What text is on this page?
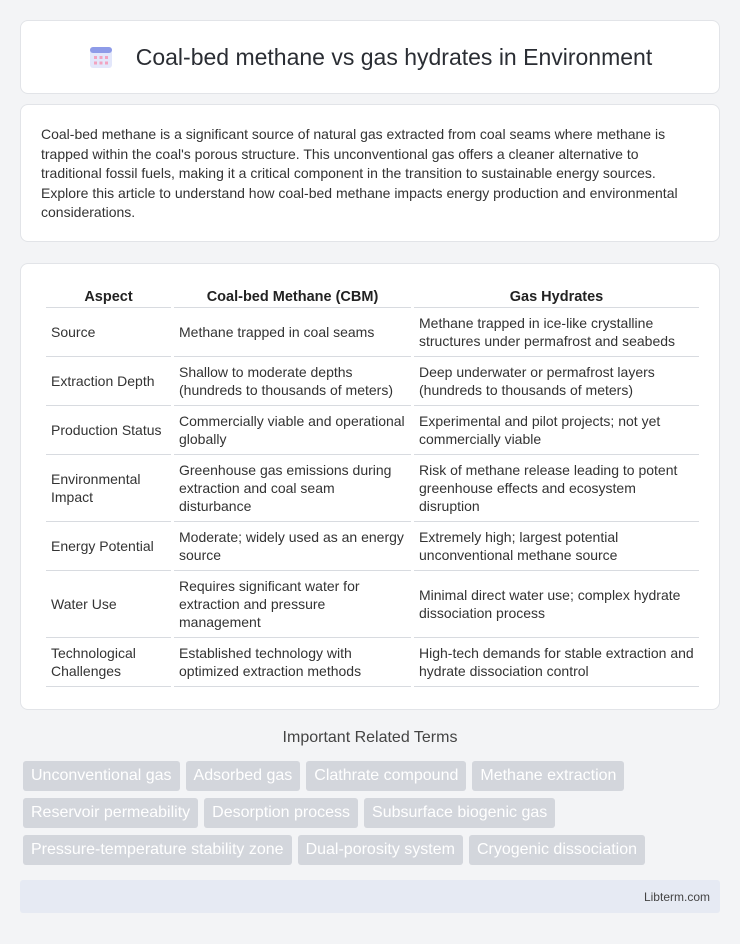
Coal-bed methane vs gas hydrates in Environment

Coal-bed methane is a significant source of natural gas extracted from coal seams where methane is trapped within the coal's porous structure. This unconventional gas offers a cleaner alternative to traditional fossil fuels, making it a critical component in the transition to sustainable energy sources. Explore this article to understand how coal-bed methane impacts energy production and environmental considerations.

Aspect	Coal-bed Methane (CBM)	Gas Hydrates
Source	Methane trapped in coal seams	Methane trapped in ice-like crystalline structures under permafrost and seabeds
Extraction Depth	Shallow to moderate depths (hundreds to thousands of meters)	Deep underwater or permafrost layers (hundreds to thousands of meters)
Production Status	Commercially viable and operational globally	Experimental and pilot projects; not yet commercially viable
Environmental Impact	Greenhouse gas emissions during extraction and coal seam disturbance	Risk of methane release leading to potent greenhouse effects and ecosystem disruption
Energy Potential	Moderate; widely used as an energy source	Extremely high; largest potential unconventional methane source
Water Use	Requires significant water for extraction and pressure management	Minimal direct water use; complex hydrate dissociation process
Technological Challenges	Established technology with optimized extraction methods	High-tech demands for stable extraction and hydrate dissociation control
Important Related Terms
Unconventional gas	Adsorbed gas	Clathrate compound	Methane extraction
Reservoir permeability	Desorption process	Subsurface biogenic gas
Pressure-temperature stability zone	Dual-porosity system	Cryogenic dissociation
Libterm.com
